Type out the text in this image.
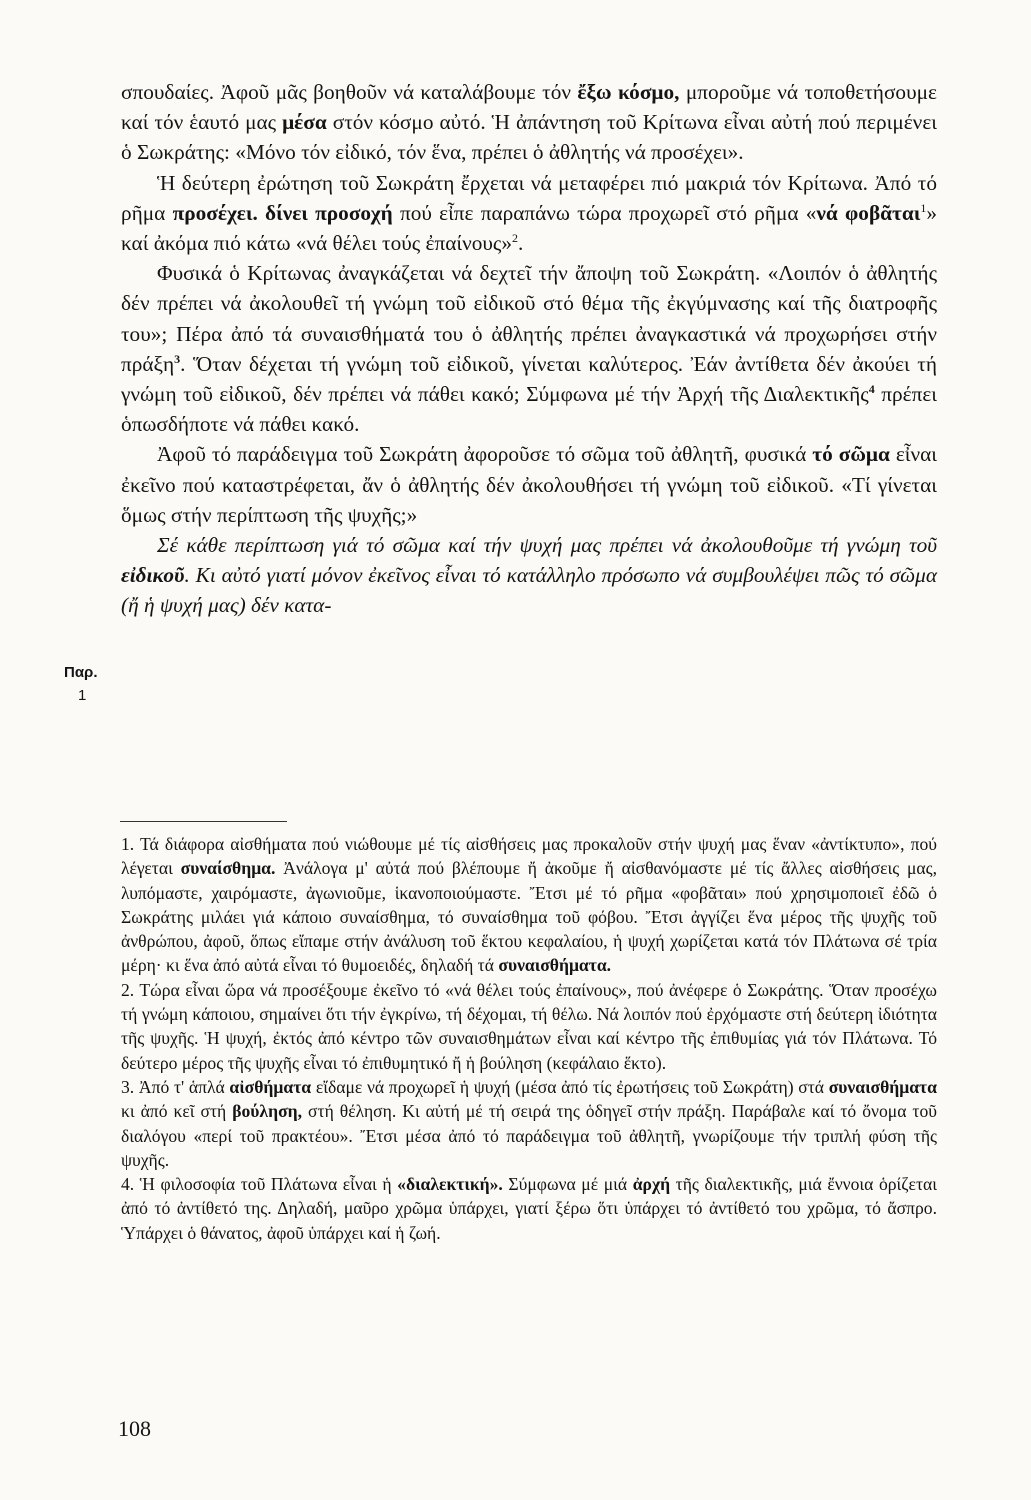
σπουδαίες. Ἀφοῦ μᾶς βοηθοῦν νά καταλάβουμε τόν ἔξω κόσμο, μποροῦμε νά τοποθετήσουμε καί τόν ἑαυτό μας μέσα στόν κόσμο αὐτό. Ἡ ἀπάντηση τοῦ Κρίτωνα εἶναι αὐτή πού περιμένει ὁ Σωκράτης: «Μόνο τόν εἰδικό, τόν ἕνα, πρέπει ὁ ἀθλητής νά προσέχει».

Ἡ δεύτερη ἐρώτηση τοῦ Σωκράτη ἔρχεται νά μεταφέρει πιό μακριά τόν Κρίτωνα. Ἀπό τό ρῆμα προσέχει. δίνει προσοχή πού εἶπε παραπάνω τώρα προχωρεῖ στό ρῆμα «νά φοβᾶται$^1$» καί ἀκόμα πιό κάτω «νά θέλει τούς ἐπαίνους»$^2$.

Φυσικά ὁ Κρίτωνας ἀναγκάζεται νά δεχτεῖ τήν ἄποψη τοῦ Σωκράτη. «Λοιπόν ὁ ἀθλητής δέν πρέπει νά ἀκολουθεῖ τή γνώμη τοῦ εἰδικοῦ στό θέμα τῆς ἐκγύμνασης καί τῆς διατροφῆς του»; Πέρα ἀπό τά συναισθήματά του ὁ ἀθλητής πρέπει ἀναγκαστικά νά προχωρήσει στήν πράξη$^3$. Ὅταν δέχεται τή γνώμη τοῦ εἰδικοῦ, γίνεται καλύτερος. Ἐάν ἀντίθετα δέν ἀκούει τή γνώμη τοῦ εἰδικοῦ, δέν πρέπει νά πάθει κακό; Σύμφωνα μέ τήν Ἀρχή τῆς Διαλεκτικῆς$^4$ πρέπει ὁπωσδήποτε νά πάθει κακό.

Ἀφοῦ τό παράδειγμα τοῦ Σωκράτη ἀφοροῦσε τό σῶμα τοῦ ἀθλητῆ, φυσικά τό σῶμα εἶναι ἐκεῖνο πού καταστρέφεται, ἄν ὁ ἀθλητής δέν ἀκολουθήσει τή γνώμη τοῦ εἰδικοῦ. «Τί γίνεται ὅμως στήν περίπτωση τῆς ψυχῆς;»

Σέ κάθε περίπτωση γιά τό σῶμα καί τήν ψυχή μας πρέπει νά ἀκολουθοῦμε τή γνώμη τοῦ εἰδικοῦ. Κι αὐτό γιατί μόνον ἐκεῖνος εἶναι τό κατάλληλο πρόσωπο νά συμβουλέψει πῶς τό σῶμα (ἤ ἡ ψυχή μας) δέν κατα-

Παρ.
1

1. Τά διάφορα αἰσθήματα πού νιώθουμε μέ τίς αἰσθήσεις μας προκαλοῦν στήν ψυχή μας ἕναν «ἀντίκτυπο», πού λέγεται συναίσθημα. Ἀνάλογα μ' αὐτά πού βλέπουμε ἤ ἀκοῦμε ἤ αἰσθανόμαστε μέ τίς ἄλλες αἰσθήσεις μας, λυπόμαστε, χαιρόμαστε, ἀγωνιοῦμε, ἱκανοποιούμαστε. Ἔτσι μέ τό ρῆμα «φοβᾶται» πού χρησιμοποιεῖ ἐδῶ ὁ Σωκράτης μιλάει γιά κάποιο συναίσθημα, τό συναίσθημα τοῦ φόβου. Ἔτσι ἀγγίζει ἕνα μέρος τῆς ψυχῆς τοῦ ἀνθρώπου, ἀφοῦ, ὅπως εἴπαμε στήν ἀνάλυση τοῦ ἕκτου κεφαλαίου, ἡ ψυχή χωρίζεται κατά τόν Πλάτωνα σέ τρία μέρη· κι ἕνα ἀπό αὐτά εἶναι τό θυμοειδές, δηλαδή τά συναισθήματα.

2. Τώρα εἶναι ὥρα νά προσέξουμε ἐκεῖνο τό «νά θέλει τούς ἐπαίνους», πού ἀνέφερε ὁ Σωκράτης. Ὅταν προσέχω τή γνώμη κάποιου, σημαίνει ὅτι τήν ἐγκρίνω, τή δέχομαι, τή θέλω. Νά λοιπόν πού ἐρχόμαστε στή δεύτερη ἰδιότητα τῆς ψυχῆς. Ἡ ψυχή, ἐκτός ἀπό κέντρο τῶν συναισθημάτων εἶναι καί κέντρο τῆς ἐπιθυμίας γιά τόν Πλάτωνα. Τό δεύτερο μέρος τῆς ψυχῆς εἶναι τό ἐπιθυμητικό ἤ ἡ βούληση (κεφάλαιο ἕκτο).

3. Ἀπό τ' ἁπλά αἰσθήματα εἴδαμε νά προχωρεῖ ἡ ψυχή (μέσα ἀπό τίς ἐρωτήσεις τοῦ Σωκράτη) στά συναισθήματα κι ἀπό κεῖ στή βούληση, στή θέληση. Κι αὐτή μέ τή σειρά της ὁδηγεῖ στήν πράξη. Παράβαλε καί τό ὄνομα τοῦ διαλόγου «περί τοῦ πρακτέου». Ἔτσι μέσα ἀπό τό παράδειγμα τοῦ ἀθλητῆ, γνωρίζουμε τήν τριπλή φύση τῆς ψυχῆς.

4. Ἡ φιλοσοφία τοῦ Πλάτωνα εἶναι ἡ «διαλεκτική». Σύμφωνα μέ μιά ἀρχή τῆς διαλεκτικῆς, μιά ἔννοια ὁρίζεται ἀπό τό ἀντίθετό της. Δηλαδή, μαῦρο χρῶμα ὑπάρχει, γιατί ξέρω ὅτι ὑπάρχει τό ἀντίθετό του χρῶμα, τό ἄσπρο. Ὑπάρχει ὁ θάνατος, ἀφοῦ ὑπάρχει καί ἡ ζωή.

108
